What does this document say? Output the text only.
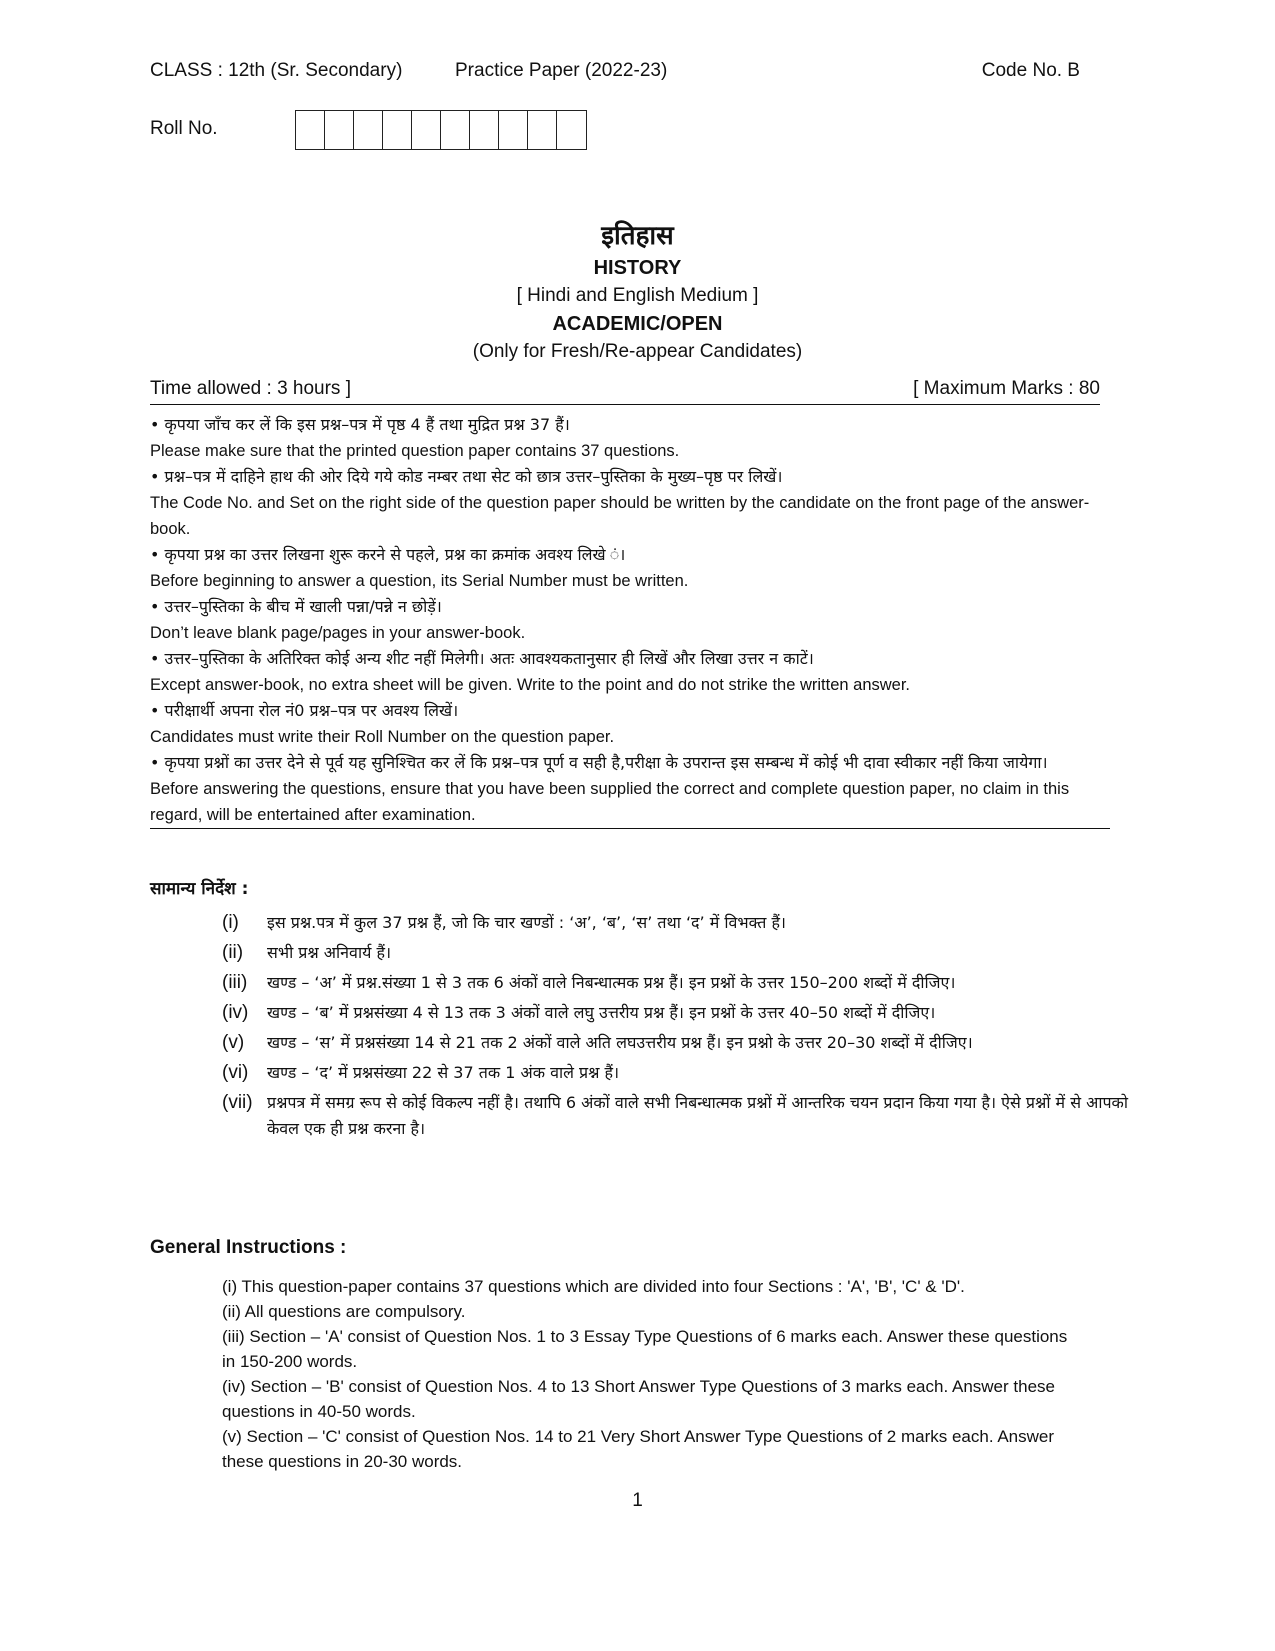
CLASS : 12th (Sr. Secondary)	Practice Paper (2022-23)	Code No. B
Roll No.
इतिहास
HISTORY
[ Hindi and English Medium ]
ACADEMIC/OPEN
(Only for Fresh/Re-appear Candidates)
Time allowed : 3 hours ]	[ Maximum Marks : 80
• कृपया जाँच कर लें कि इस प्रश्न–पत्र में पृष्ठ 4 हैं तथा मुद्रित प्रश्न 37 हैं।
Please make sure that the printed question paper contains 37 questions.
• प्रश्न–पत्र में दाहिने हाथ की ओर दिये गये कोड नम्बर तथा सेट को छात्र उत्तर–पुस्तिका के मुख्य–पृष्ठ पर लिखें।
The Code No. and Set on the right side of the question paper should be written by the candidate on the front page of the answer-book.
• कृपया प्रश्न का उत्तर लिखना शुरू करने से पहले, प्रश्न का क्रमांक अवश्य लिखे ं।
Before beginning to answer a question, its Serial Number must be written.
• उत्तर–पुस्तिका के बीच में खाली पन्ना/पन्ने न छोड़ें।
Don’t leave blank page/pages in your answer-book.
• उत्तर–पुस्तिका के अतिरिक्त कोई अन्य शीट नहीं मिलेगी। अतः आवश्यकतानुसार ही लिखें और लिखा उत्तर न काटें।
Except answer-book, no extra sheet will be given. Write to the point and do not strike the written answer.
• परीक्षार्थी अपना रोल नं0 प्रश्न–पत्र पर अवश्य लिखें।
Candidates must write their Roll Number on the question paper.
• कृपया प्रश्नों का उत्तर देने से पूर्व यह सुनिश्चित कर लें कि प्रश्न–पत्र पूर्ण व सही है,परीक्षा के उपरान्त इस सम्बन्ध में कोई भी दावा स्वीकार नहीं किया जायेगा।
Before answering the questions, ensure that you have been supplied the correct and complete question paper, no claim in this regard, will be entertained after examination.
सामान्य निर्देश :
(i)	इस प्रश्न.पत्र में कुल 37 प्रश्न हैं, जो कि चार खण्डों : ‘अ’, ‘ब’, ‘स’ तथा ‘द’ में विभक्त हैं।
(ii)	सभी प्रश्न अनिवार्य हैं।
(iii)	खण्ड – ‘अ’ में प्रश्न.संख्या 1 से 3 तक 6 अंकों वाले निबन्धात्मक प्रश्न हैं। इन प्रश्नों के उत्तर 150–200 शब्दों में दीजिए।
(iv)	खण्ड – ‘ब’ में प्रश्नसंख्या 4 से 13 तक 3 अंकों वाले लघु उत्तरीय प्रश्न हैं। इन प्रश्नों के उत्तर 40–50 शब्दों में दीजिए।
(v)	खण्ड – ‘स’ में प्रश्नसंख्या 14 से 21 तक 2 अंकों वाले अति लघउत्तरीय प्रश्न हैं। इन प्रश्नो के उत्तर 20–30 शब्दों में दीजिए।
(vi)	खण्ड – ‘द’ में प्रश्नसंख्या 22 से 37 तक 1 अंक वाले प्रश्न हैं।
(vii) प्रश्नपत्र में समग्र रूप से कोई विकल्प नहीं है। तथापि 6 अंकों वाले सभी निबन्धात्मक प्रश्नों में आन्तरिक चयन प्रदान किया गया है। ऐसे प्रश्नों में से आपको केवल एक ही प्रश्न करना है।
General Instructions :
(i) This question-paper contains 37 questions which are divided into four Sections : 'A', 'B', 'C' & 'D'.
(ii) All questions are compulsory.
(iii) Section – 'A' consist of Question Nos. 1 to 3 Essay Type Questions of 6 marks each. Answer these questions in 150-200 words.
(iv) Section – 'B' consist of Question Nos. 4 to 13 Short Answer Type Questions of 3 marks each. Answer these questions in 40-50 words.
(v) Section – 'C' consist of Question Nos. 14 to 21 Very Short Answer Type Questions of 2 marks each. Answer these questions in 20-30 words.
1
